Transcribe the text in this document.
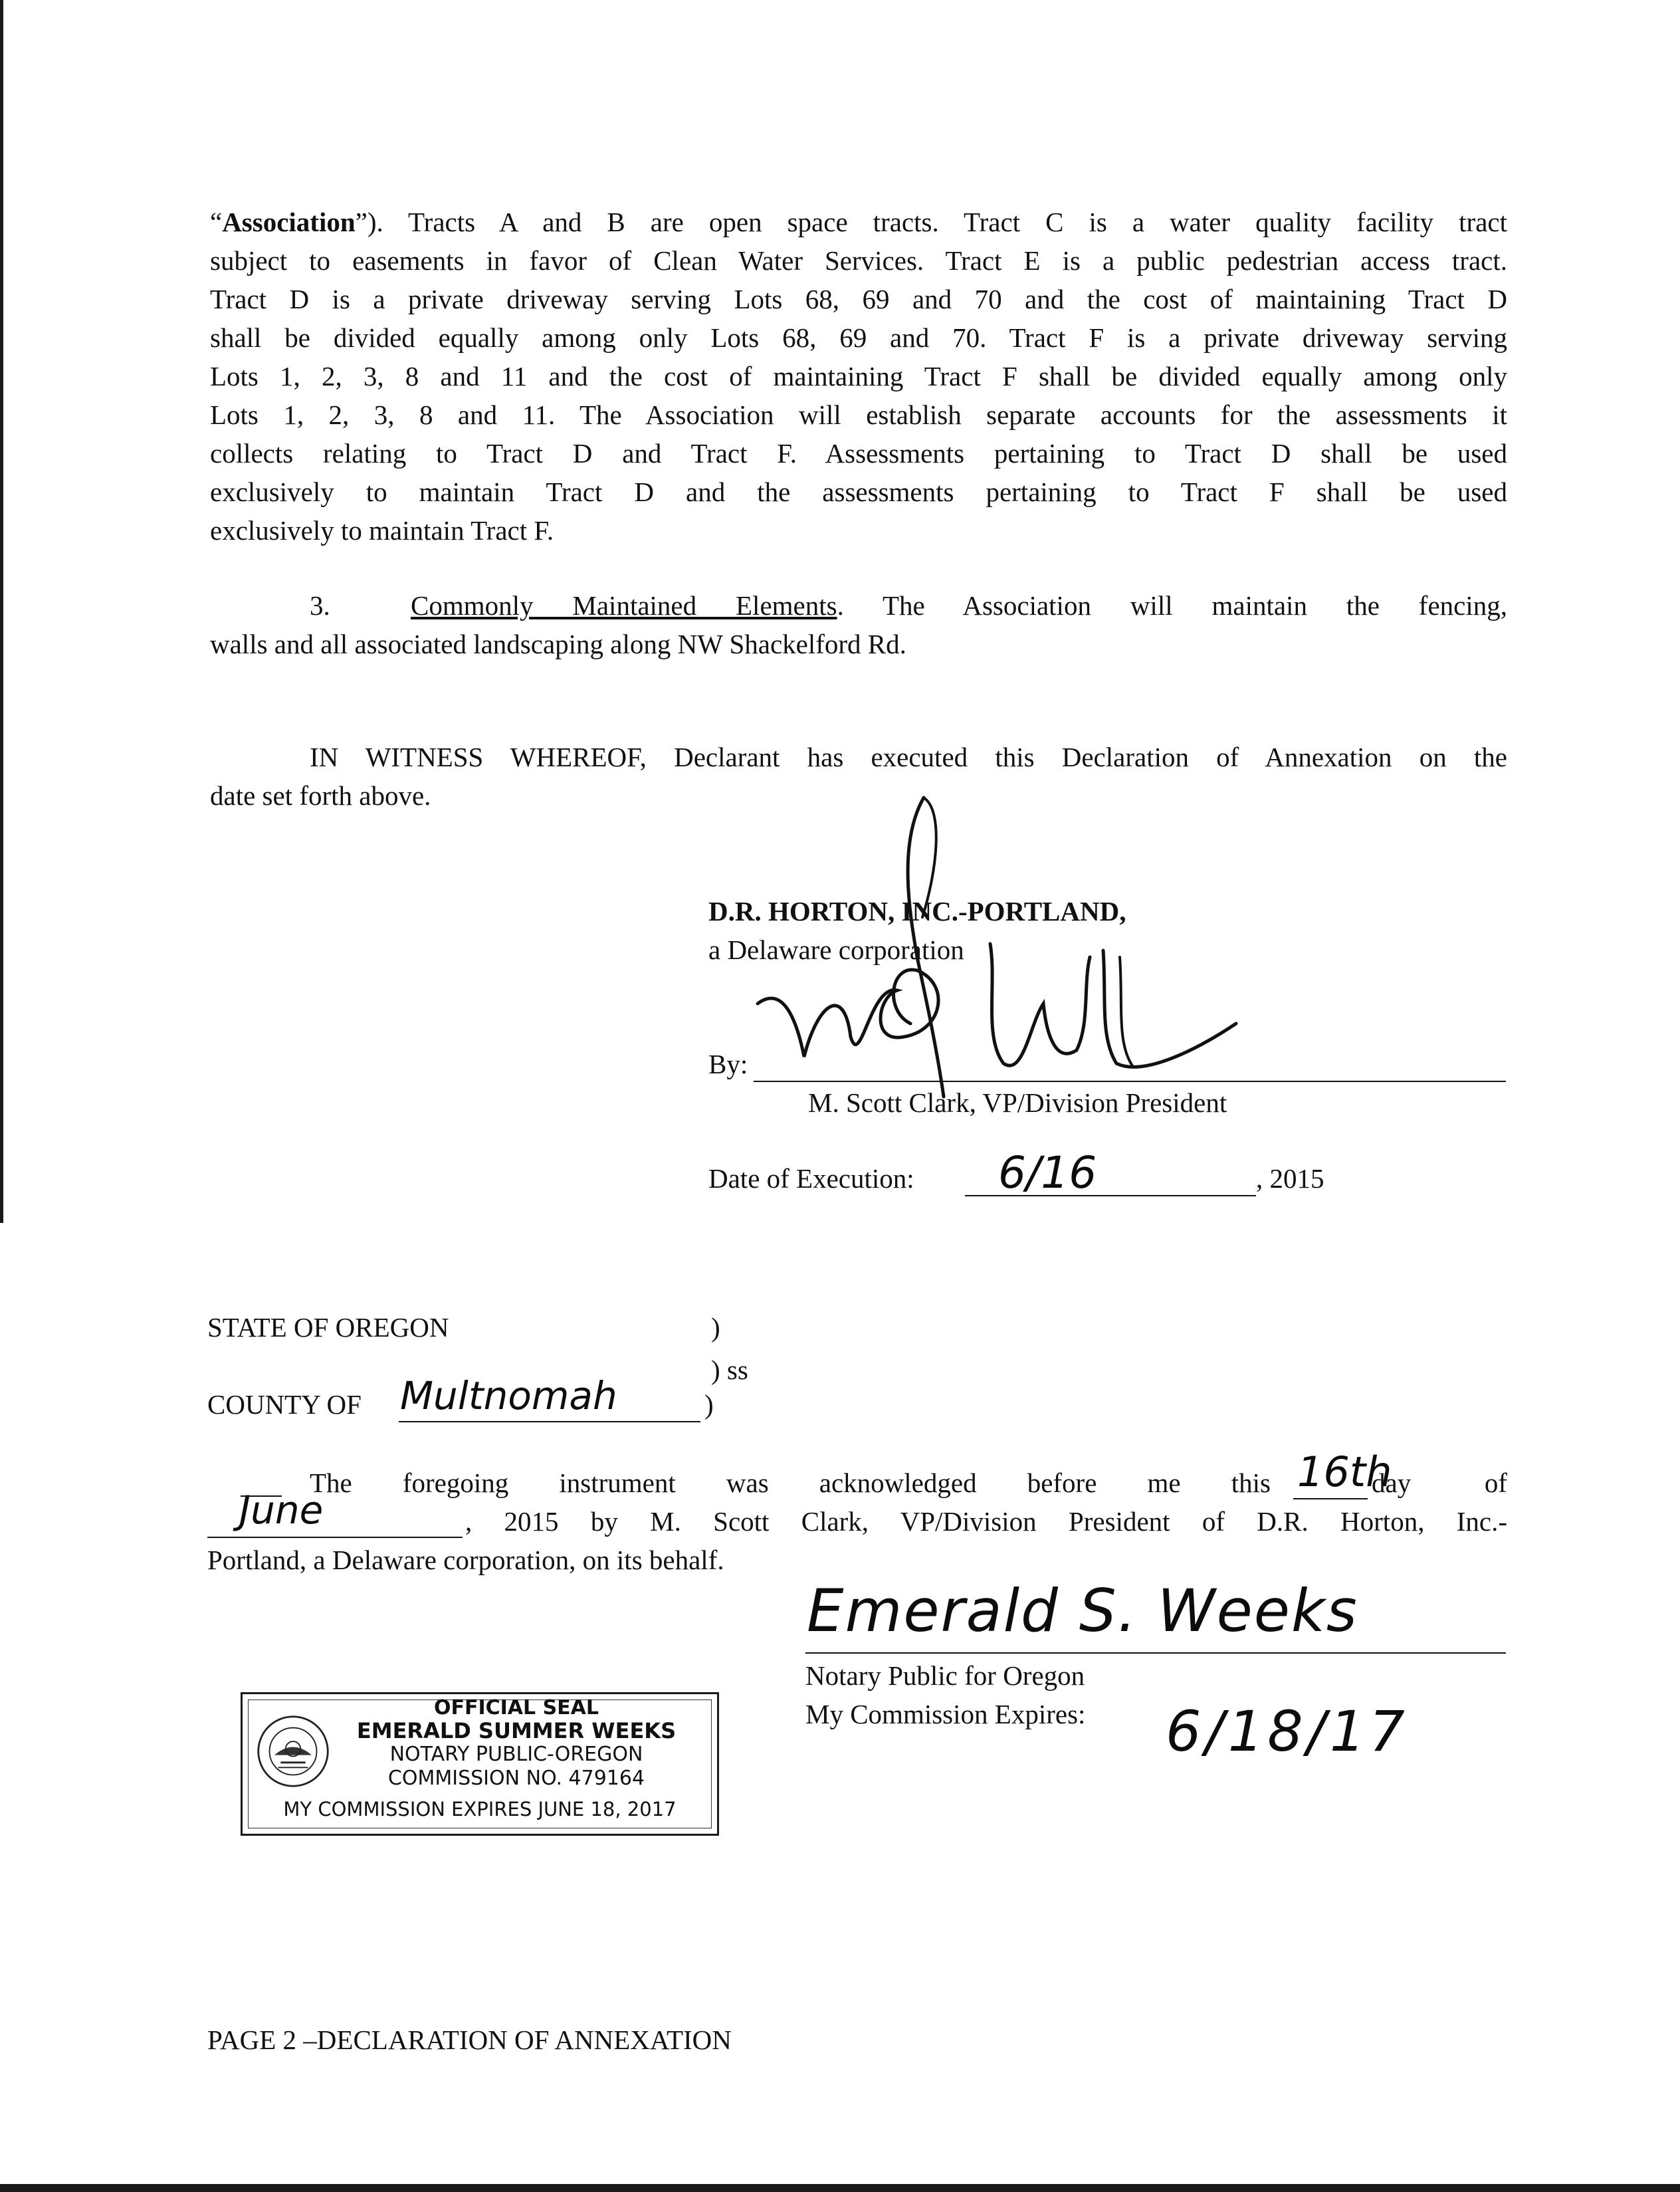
“Association”). Tracts A and B are open space tracts. Tract C is a water quality facility tract
subject to easements in favor of Clean Water Services. Tract E is a public pedestrian access tract.
Tract D is a private driveway serving Lots 68, 69 and 70 and the cost of maintaining Tract D
shall be divided equally among only Lots 68, 69 and 70. Tract F is a private driveway serving
Lots 1, 2, 3, 8 and 11 and the cost of maintaining Tract F shall be divided equally among only
Lots 1, 2, 3, 8 and 11. The Association will establish separate accounts for the assessments it
collects relating to Tract D and Tract F. Assessments pertaining to Tract D shall be used
exclusively to maintain Tract D and the assessments pertaining to Tract F shall be used
exclusively to maintain Tract F.
3.	Commonly Maintained Elements. The Association will maintain the fencing,
walls and all associated landscaping along NW Shackelford Rd.
IN WITNESS WHEREOF, Declarant has executed this Declaration of Annexation on the
date set forth above.
D.R. HORTON, INC.-PORTLAND,
a Delaware corporation
By:
M. Scott Clark, VP/Division President
Date of Execution: 6/16	, 2015
STATE OF OREGON	)
) ss
COUNTY OF Multnomah	)
The foregoing instrument was acknowledged before me this 16th
day of
June	, 2015 by M. Scott Clark, VP/Division President of D.R. Horton, Inc.-
Portland, a Delaware corporation, on its behalf.
Emerald S. Weeks
Notary Public for Oregon
My Commission Expires: 6/18/17
OFFICIAL SEAL
EMERALD SUMMER WEEKS
NOTARY PUBLIC-OREGON
COMMISSION NO. 479164
MY COMMISSION EXPIRES JUNE 18, 2017
PAGE 2 –DECLARATION OF ANNEXATION
